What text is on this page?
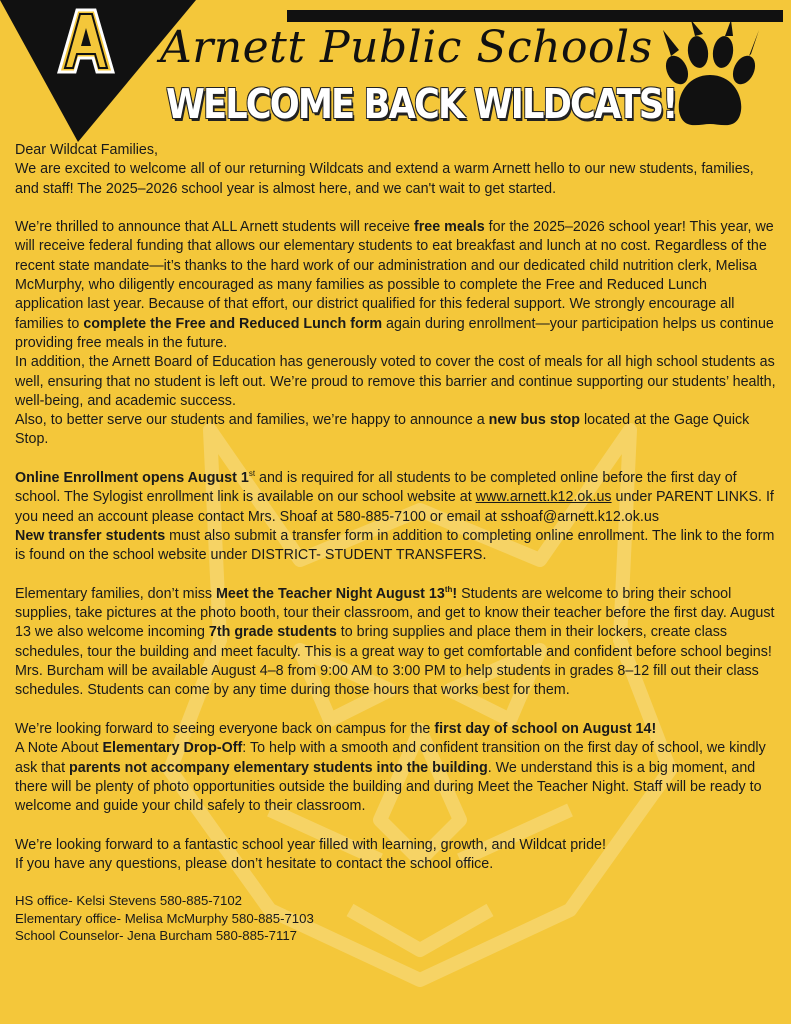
Arnett Public Schools
WELCOME BACK WILDCATS!

Dear Wildcat Families,

We are excited to welcome all of our returning Wildcats and extend a warm Arnett hello to our new students, families, and staff! The 2025–2026 school year is almost here, and we can't wait to get started.

We’re thrilled to announce that ALL Arnett students will receive free meals for the 2025–2026 school year! This year, we will receive federal funding that allows our elementary students to eat breakfast and lunch at no cost. Regardless of the recent state mandate—it’s thanks to the hard work of our administration and our dedicated child nutrition clerk, Melisa McMurphy, who diligently encouraged as many families as possible to complete the Free and Reduced Lunch application last year. Because of that effort, our district qualified for this federal support. We strongly encourage all families to complete the Free and Reduced Lunch form again during enrollment—your participation helps us continue providing free meals in the future.

In addition, the Arnett Board of Education has generously voted to cover the cost of meals for all high school students as well, ensuring that no student is left out. We’re proud to remove this barrier and continue supporting our students’ health, well-being, and academic success.

Also, to better serve our students and families, we’re happy to announce a new bus stop located at the Gage Quick Stop.

Online Enrollment opens August 1st and is required for all students to be completed online before the first day of school. The Sylogist enrollment link is available on our school website at www.arnett.k12.ok.us under PARENT LINKS. If you need an account please contact Mrs. Shoaf at 580-885-7100 or email at sshoaf@arnett.k12.ok.us

New transfer students must also submit a transfer form in addition to completing online enrollment. The link to the form is found on the school website under DISTRICT- STUDENT TRANSFERS.

Elementary families, don’t miss Meet the Teacher Night August 13th! Students are welcome to bring their school supplies, take pictures at the photo booth, tour their classroom, and get to know their teacher before the first day. August 13 we also welcome incoming 7th grade students to bring supplies and place them in their lockers, create class schedules, tour the building and meet faculty. This is a great way to get comfortable and confident before school begins! Mrs. Burcham will be available August 4–8 from 9:00 AM to 3:00 PM to help students in grades 8–12 fill out their class schedules. Students can come by any time during those hours that works best for them.

We’re looking forward to seeing everyone back on campus for the first day of school on August 14!

A Note About Elementary Drop-Off: To help with a smooth and confident transition on the first day of school, we kindly ask that parents not accompany elementary students into the building. We understand this is a big moment, and there will be plenty of photo opportunities outside the building and during Meet the Teacher Night. Staff will be ready to welcome and guide your child safely to their classroom.

We’re looking forward to a fantastic school year filled with learning, growth, and Wildcat pride!

If you have any questions, please don’t hesitate to contact the school office.

HS office- Kelsi Stevens 580-885-7102
Elementary office- Melisa McMurphy 580-885-7103
School Counselor- Jena Burcham 580-885-7117
